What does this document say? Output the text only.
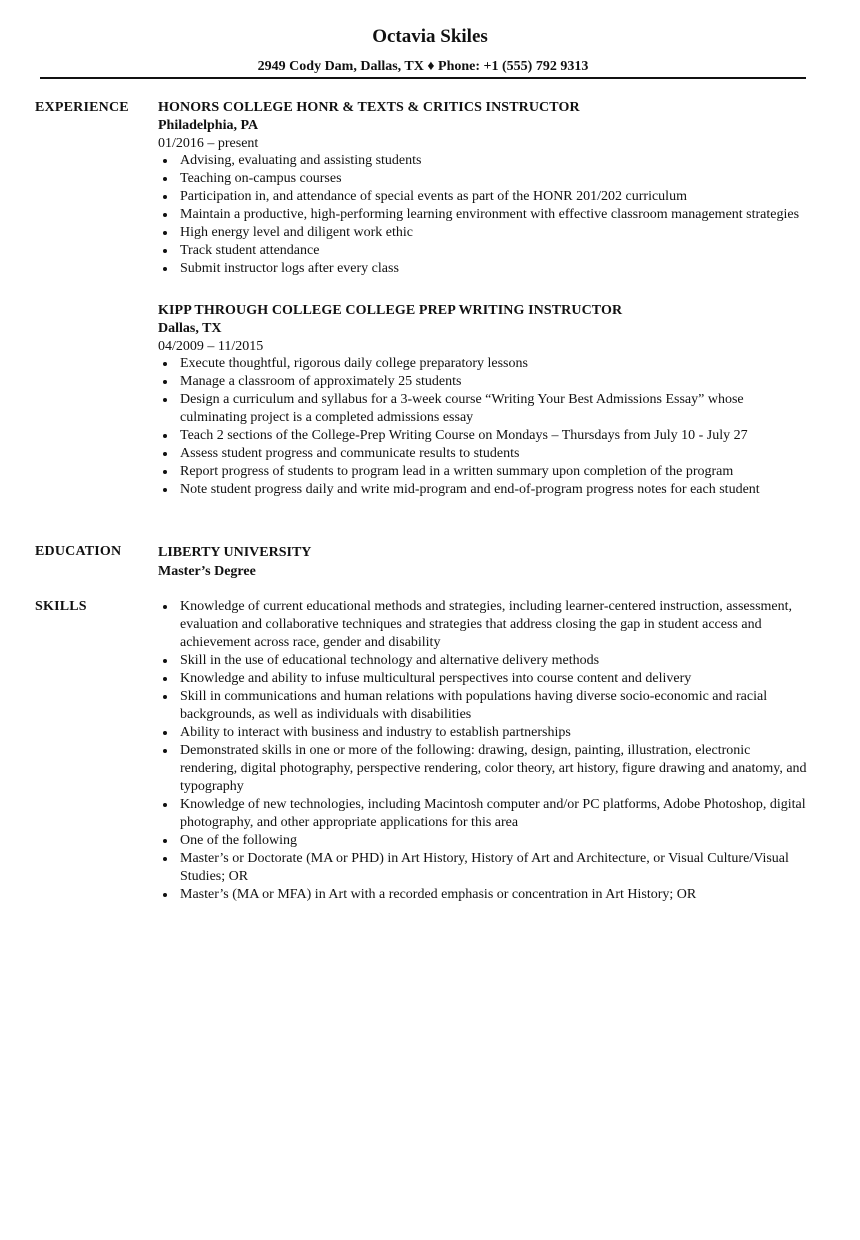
Octavia Skiles
2949 Cody Dam, Dallas, TX ♦ Phone: +1 (555) 792 9313
EXPERIENCE HONORS COLLEGE HONR & TEXTS & CRITICS INSTRUCTOR
Philadelphia, PA
01/2016 – present
Advising, evaluating and assisting students
Teaching on-campus courses
Participation in, and attendance of special events as part of the HONR 201/202 curriculum
Maintain a productive, high-performing learning environment with effective classroom management strategies
High energy level and diligent work ethic
Track student attendance
Submit instructor logs after every class
KIPP THROUGH COLLEGE COLLEGE PREP WRITING INSTRUCTOR
Dallas, TX
04/2009 – 11/2015
Execute thoughtful, rigorous daily college preparatory lessons
Manage a classroom of approximately 25 students
Design a curriculum and syllabus for a 3-week course “Writing Your Best Admissions Essay” whose culminating project is a completed admissions essay
Teach 2 sections of the College-Prep Writing Course on Mondays – Thursdays from July 10 - July 27
Assess student progress and communicate results to students
Report progress of students to program lead in a written summary upon completion of the program
Note student progress daily and write mid-program and end-of-program progress notes for each student
EDUCATION	LIBERTY UNIVERSITY
Master’s Degree
SKILLS	Knowledge of current educational methods and strategies, including learner-centered instruction, assessment, evaluation and collaborative techniques and strategies that address closing the gap in student access and achievement across race, gender and disability
Skill in the use of educational technology and alternative delivery methods
Knowledge and ability to infuse multicultural perspectives into course content and delivery
Skill in communications and human relations with populations having diverse socio-economic and racial backgrounds, as well as individuals with disabilities
Ability to interact with business and industry to establish partnerships
Demonstrated skills in one or more of the following: drawing, design, painting, illustration, electronic rendering, digital photography, perspective rendering, color theory, art history, figure drawing and anatomy, and typography
Knowledge of new technologies, including Macintosh computer and/or PC platforms, Adobe Photoshop, digital photography, and other appropriate applications for this area
One of the following
Master’s or Doctorate (MA or PHD) in Art History, History of Art and Architecture, or Visual Culture/Visual Studies; OR
Master’s (MA or MFA) in Art with a recorded emphasis or concentration in Art History; OR
